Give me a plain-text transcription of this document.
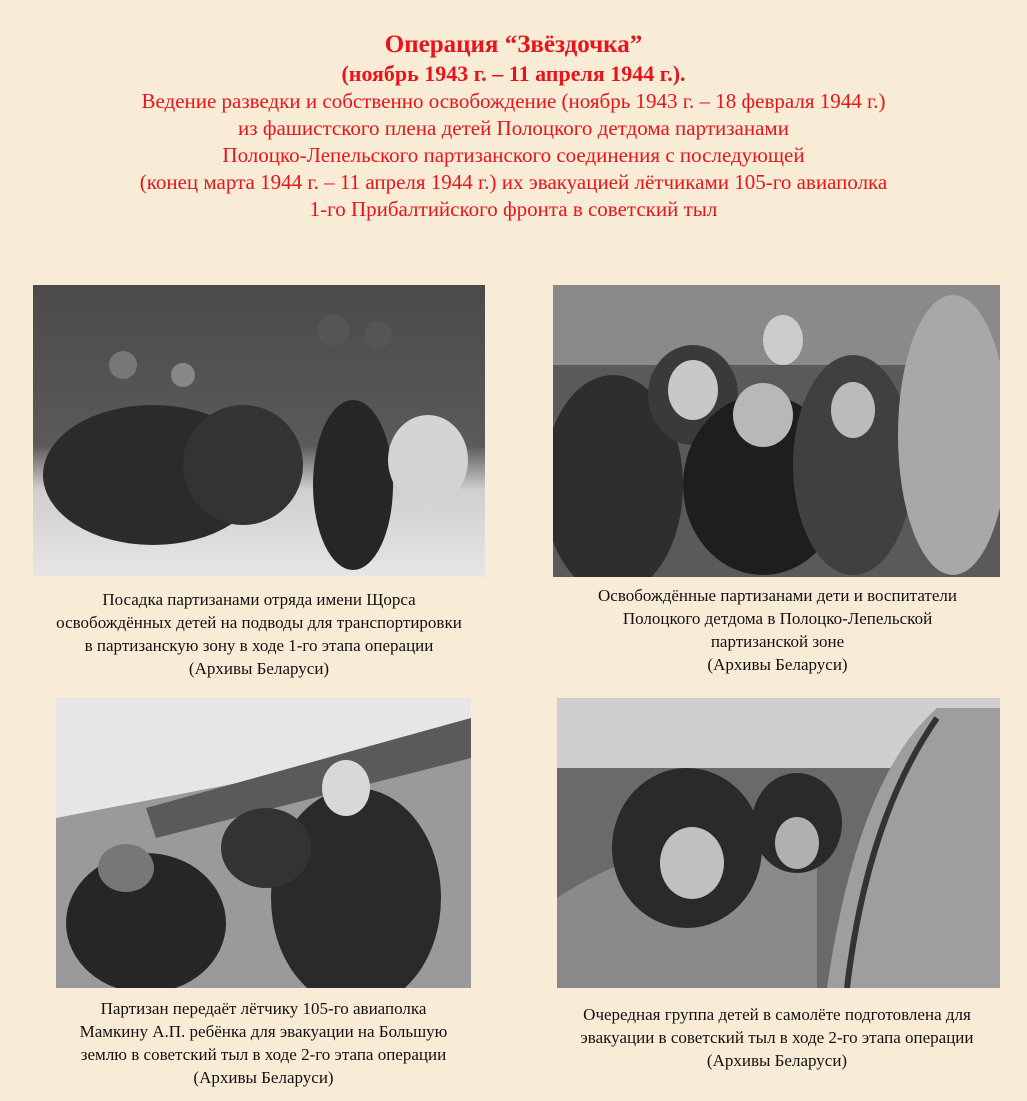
Операция “Звёздочка”
(ноябрь 1943 г. – 11 апреля 1944 г.).
Ведение разведки и собственно освобождение (ноябрь 1943 г. – 18 февраля 1944 г.)
из фашистского плена детей Полоцкого детдома партизанами
Полоцко-Лепельского партизанского соединения с последующей
(конец марта 1944 г. – 11 апреля 1944 г.) их эвакуацией лётчиками 105-го авиаполка
1-го Прибалтийского фронта в советский тыл
Посадка партизанами отряда имени Щорса
освобождённых детей на подводы для транспортировки
в партизанскую зону в ходе 1-го этапа операции
(Архивы Беларуси)
Освобождённые партизанами дети и воспитатели
Полоцкого детдома в Полоцко-Лепельской
партизанской зоне
(Архивы Беларуси)
Партизан передаёт лётчику 105-го авиаполка
Мамкину А.П. ребёнка для эвакуации на Большую
землю в советский тыл в ходе 2-го этапа операции
(Архивы Беларуси)
Очередная группа детей в самолёте подготовлена для
эвакуации в советский тыл в ходе 2-го этапа операции
(Архивы Беларуси)
